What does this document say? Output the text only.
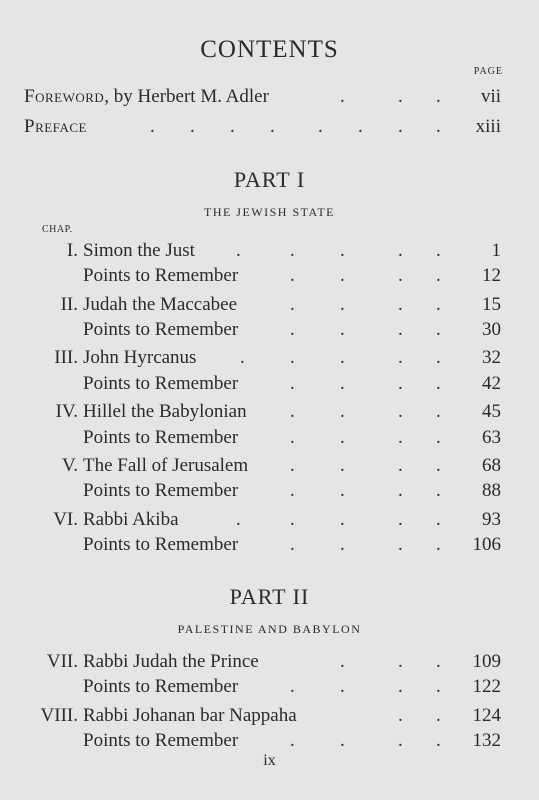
CONTENTS
PAGE
Foreword, by Herbert M. Adler	.	. . vii
Preface	. . . . . . . . xiii
PART I
THE JEWISH STATE
CHAP.
I. Simon the Just .	. .	. .	1
Points to Remember	. .	. . 12
II. Judah the Maccabee	. .	. . 15
Points to Remember	. .	. . 30
III. John Hyrcanus . . .	. . 32
Points to Remember	. .	. . 42
IV. Hillel the Babylonian . .	. . 45
Points to Remember	. .	. . 63
V. The Fall of Jerusalem . .	. . 68
Points to Remember	. .	. . 88
VI. Rabbi Akiba	.	. .	. . 93
Points to Remember	. .	. . 106
PART II
PALESTINE AND BABYLON
VII. Rabbi Judah the Prince	.	. . 109
Points to Remember	. .	. . 122
VIII. Rabbi Johanan bar Nappaha	. . 124
Points to Remember	. .	. . 132
ix
